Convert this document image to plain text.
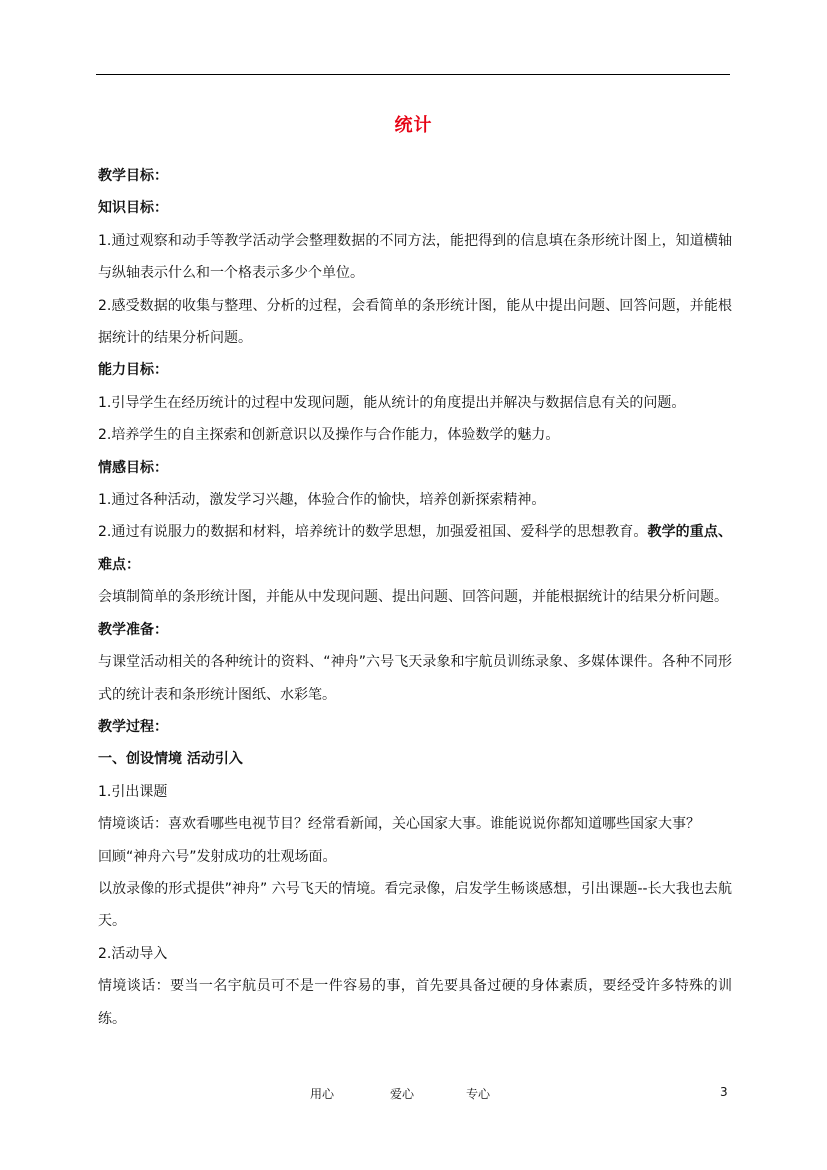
统计

教学目标：

知识目标：

1.通过观察和动手等教学活动学会整理数据的不同方法，能把得到的信息填在条形统计图上，知道横轴与纵轴表示什么和一个格表示多少个单位。

2.感受数据的收集与整理、分析的过程，会看简单的条形统计图，能从中提出问题、回答问题，并能根据统计的结果分析问题。

能力目标：

1.引导学生在经历统计的过程中发现问题，能从统计的角度提出并解决与数据信息有关的问题。

2.培养学生的自主探索和创新意识以及操作与合作能力，体验数学的魅力。

情感目标：

1.通过各种活动，激发学习兴趣，体验合作的愉快，培养创新探索精神。

2.通过有说服力的数据和材料，培养统计的数学思想，加强爱祖国、爱科学的思想教育。教学的重点、难点：

会填制简单的条形统计图，并能从中发现问题、提出问题、回答问题，并能根据统计的结果分析问题。

教学准备：

与课堂活动相关的各种统计的资料、“神舟”六号飞天录象和宇航员训练录象、多媒体课件。各种不同形式的统计表和条形统计图纸、水彩笔。

教学过程：

一、创设情境 活动引入

1.引出课题

情境谈话：喜欢看哪些电视节目？经常看新闻，关心国家大事。谁能说说你都知道哪些国家大事？

回顾“神舟六号”发射成功的壮观场面。

以放录像的形式提供”神舟” 六号飞天的情境。看完录像，启发学生畅谈感想，引出课题--长大我也去航天。

2.活动导入

情境谈话：要当一名宇航员可不是一件容易的事，首先要具备过硬的身体素质，要经受许多特殊的训练。

用心	爱心	专心	3
